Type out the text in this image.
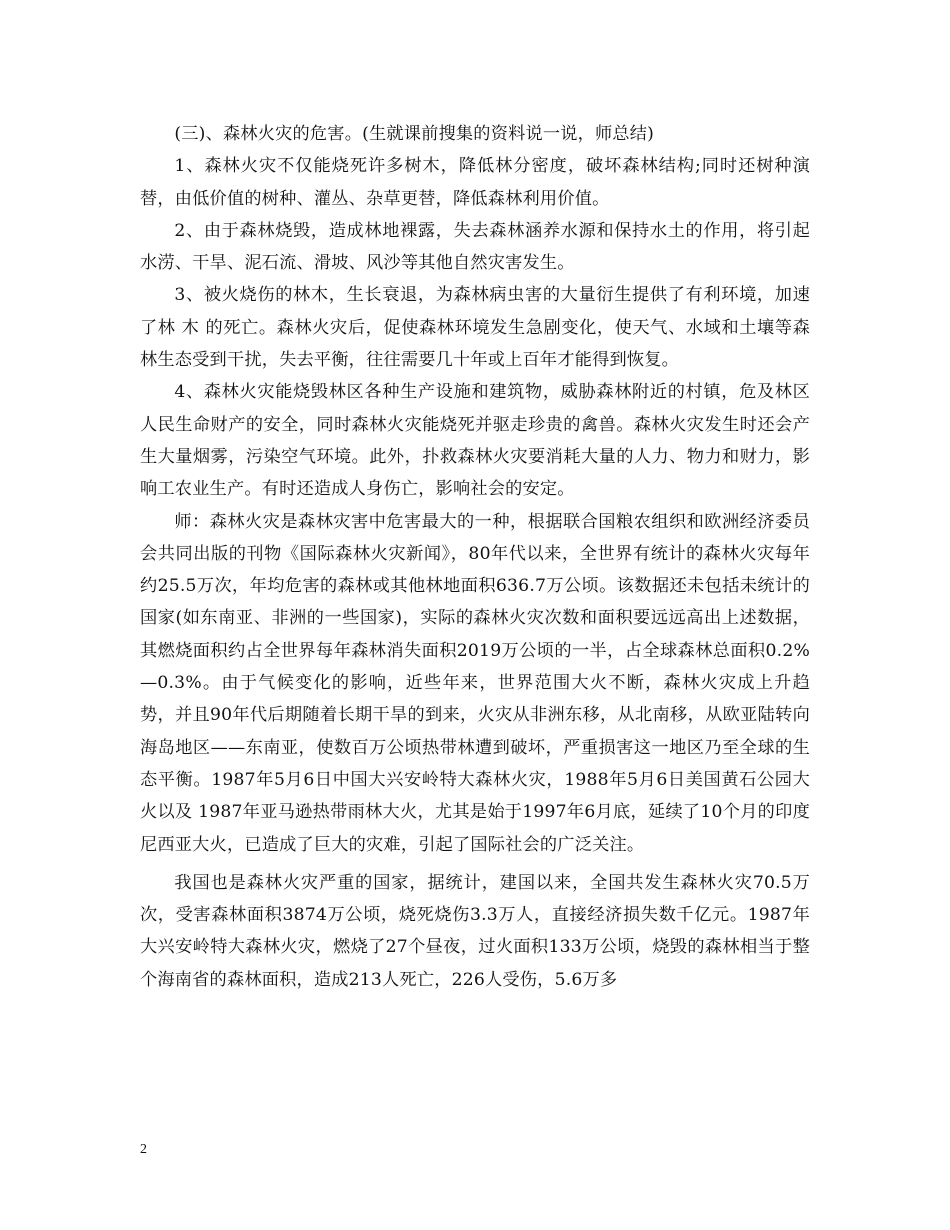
(三)、森林火灾的危害。(生就课前搜集的资料说一说，师总结)

1、森林火灾不仅能烧死许多树木，降低林分密度，破坏森林结构;同时还树种演替，由低价值的树种、灌丛、杂草更替，降低森林利用价值。

2、由于森林烧毁，造成林地裸露，失去森林涵养水源和保持水土的作用，将引起水涝、干旱、泥石流、滑坡、风沙等其他自然灾害发生。

3、被火烧伤的林木，生长衰退，为森林病虫害的大量衍生提供了有利环境，加速了林 木 的死亡。森林火灾后，促使森林环境发生急剧变化，使天气、水域和土壤等森林生态受到干扰，失去平衡，往往需要几十年或上百年才能得到恢复。

4、森林火灾能烧毁林区各种生产设施和建筑物，威胁森林附近的村镇，危及林区人民生命财产的安全，同时森林火灾能烧死并驱走珍贵的禽兽。森林火灾发生时还会产生大量烟雾，污染空气环境。此外，扑救森林火灾要消耗大量的人力、物力和财力，影响工农业生产。有时还造成人身伤亡，影响社会的安定。

师：森林火灾是森林灾害中危害最大的一种，根据联合国粮农组织和欧洲经济委员会共同出版的刊物《国际森林火灾新闻》，80年代以来，全世界有统计的森林火灾每年约25.5万次，年均危害的森林或其他林地面积636.7万公顷。该数据还未包括未统计的国家(如东南亚、非洲的一些国家)，实际的森林火灾次数和面积要远远高出上述数据，其燃烧面积约占全世界每年森林消失面积2019万公顷的一半，占全球森林总面积0.2%—0.3%。由于气候变化的影响，近些年来，世界范围大火不断，森林火灾成上升趋势，并且90年代后期随着长期干旱的到来，火灾从非洲东移，从北南移，从欧亚陆转向海岛地区——东南亚，使数百万公顷热带林遭到破坏，严重损害这一地区乃至全球的生态平衡。1987年5月6日中国大兴安岭特大森林火灾，1988年5月6日美国黄石公园大火以及 1987年亚马逊热带雨林大火，尤其是始于1997年6月底，延续了10个月的印度尼西亚大火，已造成了巨大的灾难，引起了国际社会的广泛关注。

我国也是森林火灾严重的国家，据统计，建国以来，全国共发生森林火灾70.5万次，受害森林面积3874万公顷，烧死烧伤3.3万人，直接经济损失数千亿元。1987年大兴安岭特大森林火灾，燃烧了27个昼夜，过火面积133万公顷，烧毁的森林相当于整个海南省的森林面积，造成213人死亡，226人受伤，5.6万多

2
